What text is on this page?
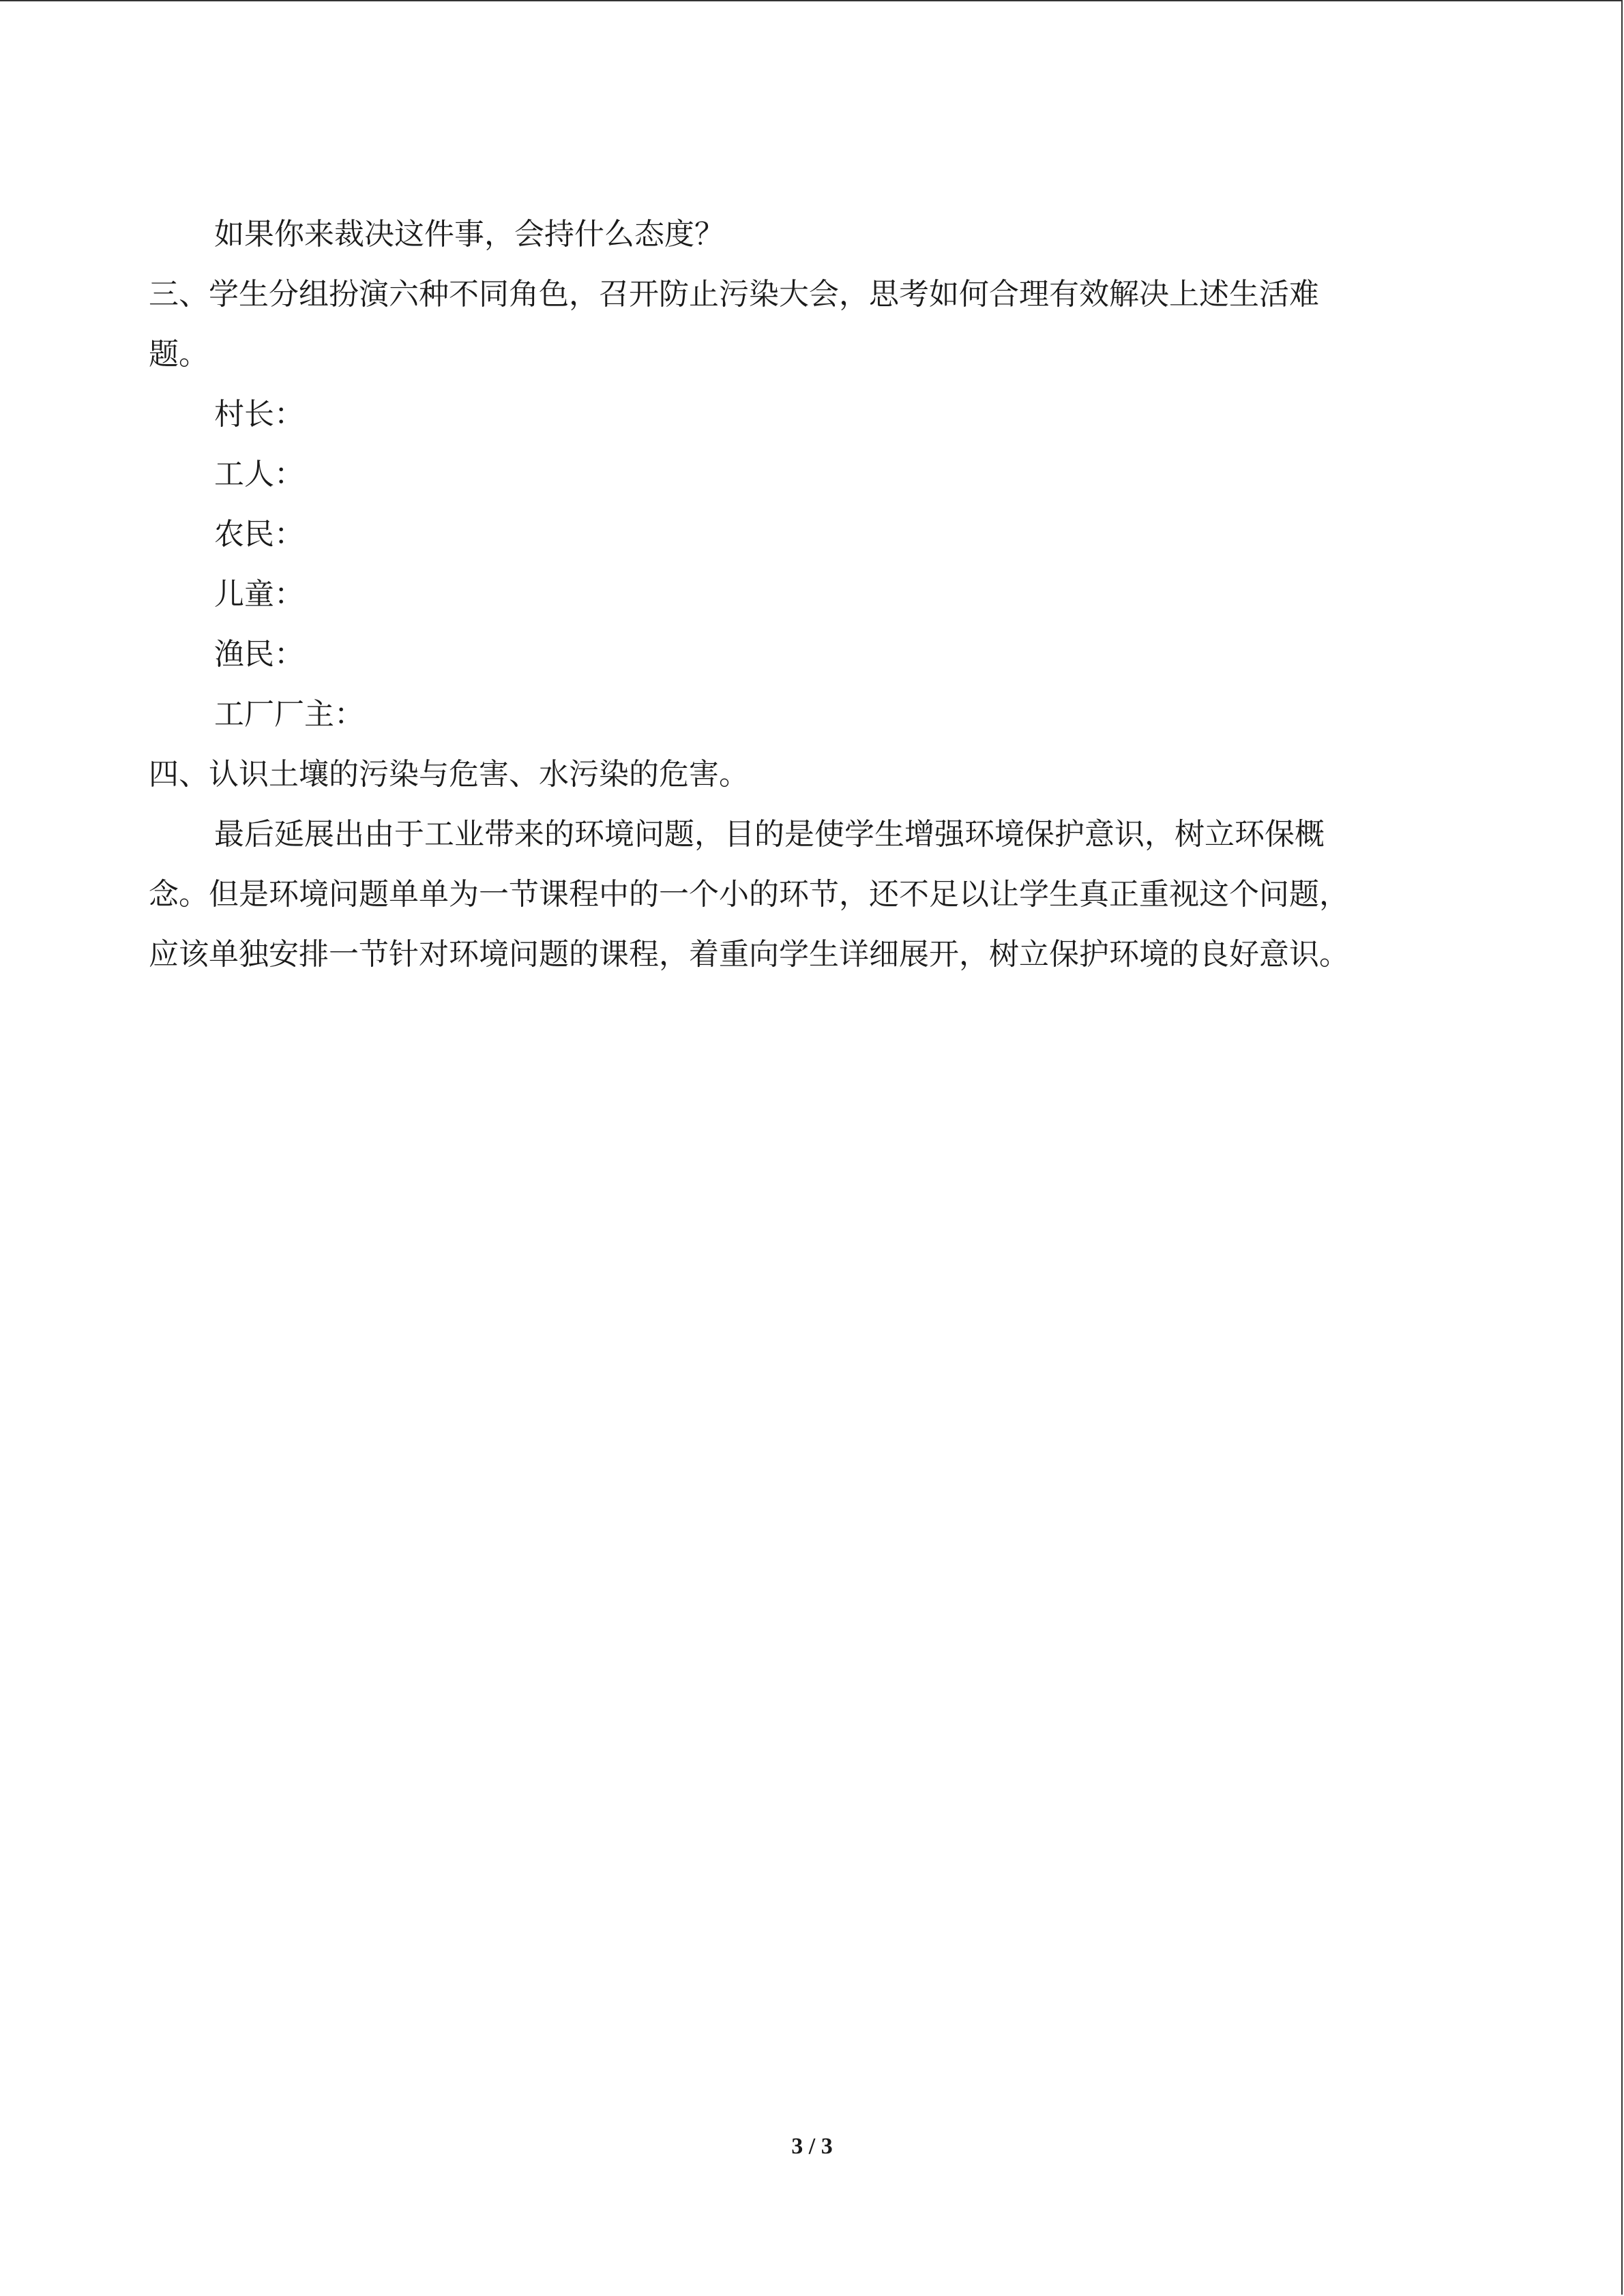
如果你来裁决这件事，会持什么态度？
三、学生分组扮演六种不同角色，召开防止污染大会，思考如何合理有效解决上述生活难
题。
村长：
工人：
农民：
儿童：
渔民：
工厂厂主：
四、认识土壤的污染与危害、水污染的危害。
最后延展出由于工业带来的环境问题，目的是使学生增强环境保护意识，树立环保概
念。但是环境问题单单为一节课程中的一个小的环节，还不足以让学生真正重视这个问题，
应该单独安排一节针对环境问题的课程，着重向学生详细展开，树立保护环境的良好意识。
3 / 3
